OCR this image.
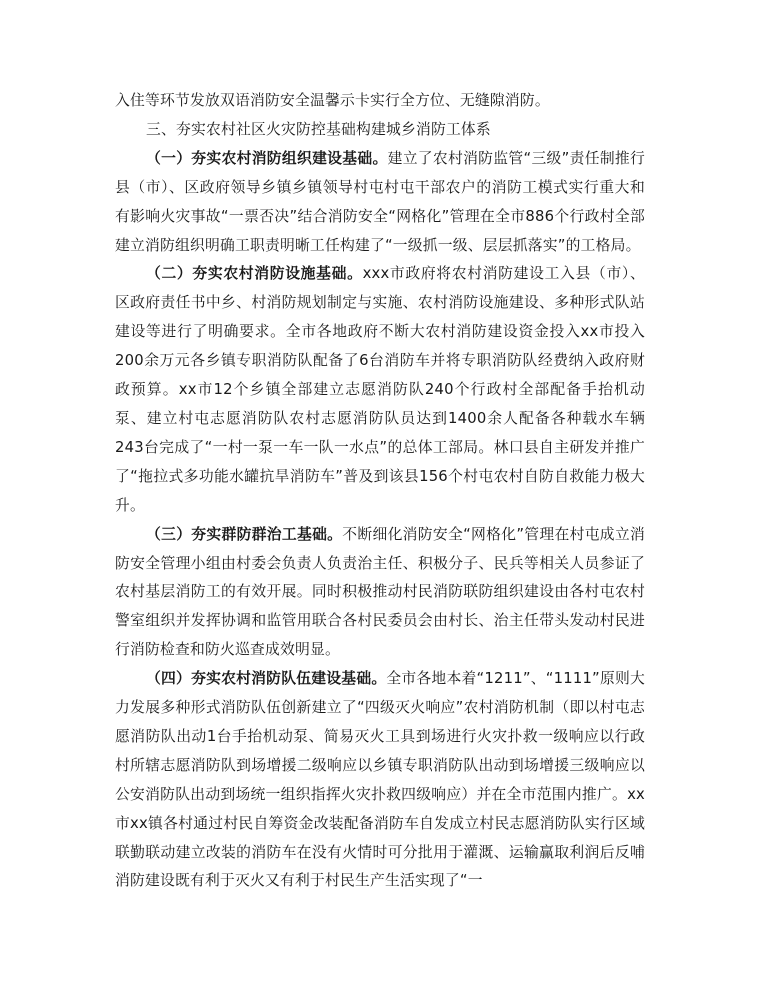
入住等环节发放双语消防安全温馨示卡实行全方位、无缝隙消防。

三、夯实农村社区火灾防控基础构建城乡消防工体系

（一）夯实农村消防组织建设基础。建立了农村消防监管“三级”责任制推行县（市）、区政府领导乡镇乡镇领导村屯村屯干部农户的消防工模式实行重大和有影响火灾事故“一票否决”结合消防安全“网格化”管理在全市886个行政村全部建立消防组织明确工职责明晰工任构建了“一级抓一级、层层抓落实”的工格局。

（二）夯实农村消防设施基础。xxx市政府将农村消防建设工入县（市）、区政府责任书中乡、村消防规划制定与实施、农村消防设施建设、多种形式队站建设等进行了明确要求。全市各地政府不断大农村消防建设资金投入xx市投入200余万元各乡镇专职消防队配备了6台消防车并将专职消防队经费纳入政府财政预算。xx市12个乡镇全部建立志愿消防队240个行政村全部配备手抬机动泵、建立村屯志愿消防队农村志愿消防队员达到1400余人配备各种载水车辆243台完成了“一村一泵一车一队一水点”的总体工部局。林口县自主研发并推广了“拖拉式多功能水罐抗旱消防车”普及到该县156个村屯农村自防自救能力极大升。

（三）夯实群防群治工基础。不断细化消防安全“网格化”管理在村屯成立消防安全管理小组由村委会负责人负责治主任、积极分子、民兵等相关人员参证了农村基层消防工的有效开展。同时积极推动村民消防联防组织建设由各村屯农村警室组织并发挥协调和监管用联合各村民委员会由村长、治主任带头发动村民进行消防检查和防火巡查成效明显。

（四）夯实农村消防队伍建设基础。全市各地本着“1211”、“1111”原则大力发展多种形式消防队伍创新建立了“四级灭火响应”农村消防机制（即以村屯志愿消防队出动1台手抬机动泵、简易灭火工具到场进行火灾扑救一级响应以行政村所辖志愿消防队到场增援二级响应以乡镇专职消防队出动到场增援三级响应以公安消防队出动到场统一组织指挥火灾扑救四级响应）并在全市范围内推广。xx市xx镇各村通过村民自筹资金改装配备消防车自发成立村民志愿消防队实行区域联勤联动建立改装的消防车在没有火情时可分批用于灌溉、运输赢取利润后反哺消防建设既有利于灭火又有利于村民生产生活实现了“一
